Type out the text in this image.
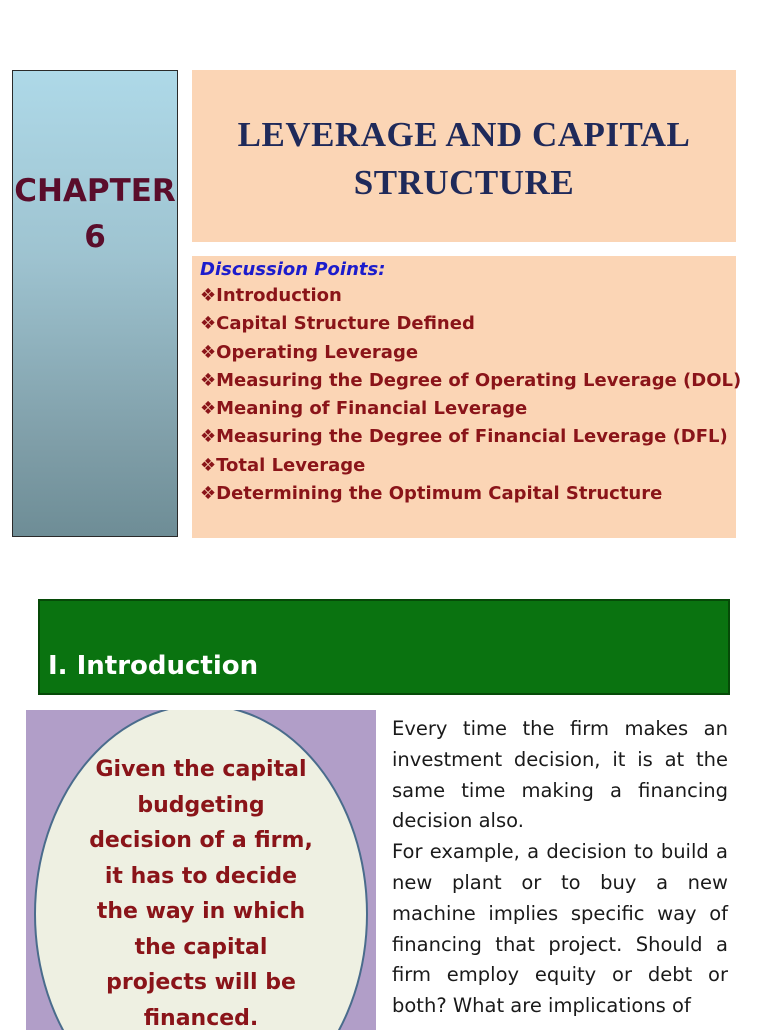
CHAPTER
6
LEVERAGE AND CAPITAL
STRUCTURE
Discussion Points:
❖Introduction
❖Capital Structure Defined
❖Operating Leverage
❖Measuring the Degree of Operating Leverage (DOL)
❖Meaning of Financial Leverage
❖Measuring the Degree of Financial Leverage (DFL)
❖Total Leverage
❖Determining the Optimum Capital Structure
I. Introduction
Given the capital
budgeting
decision of a firm,
it has to decide
the way in which
the capital
projects will be
financed.

Every time the firm makes an investment decision, it is at the same time making a financing decision also.

For example, a decision to build a new plant or to buy a new machine implies specific way of financing that project. Should a firm employ equity or debt or both? What are implications of
